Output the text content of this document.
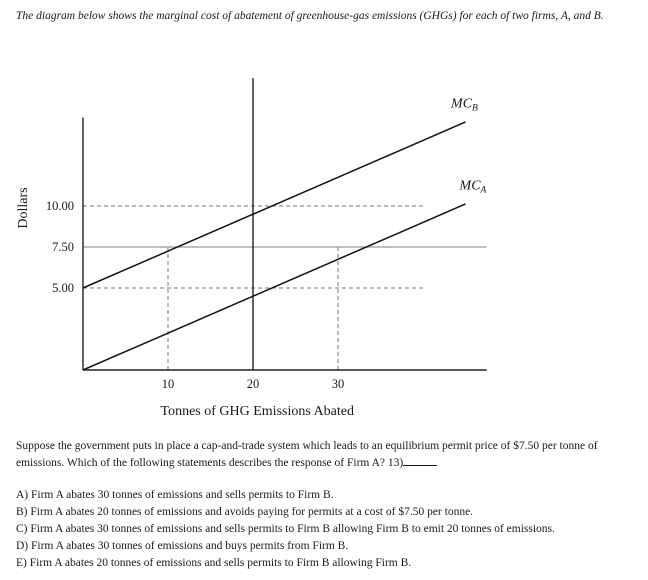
The diagram below shows the marginal cost of abatement of greenhouse-gas emissions (GHGs) for each of two firms, A, and B.
$MC_B$
$MC_A$
10.00
7.50
5.00
10	20	30
Tonnes of GHG Emissions Abated
Dollars
Suppose the government puts in place a cap-and-trade system which leads to an equilibrium permit price of $7.50 per tonne of emissions. Which of the following statements describes the response of Firm A? 13)
A) Firm A abates 30 tonnes of emissions and sells permits to Firm B.
B) Firm A abates 20 tonnes of emissions and avoids paying for permits at a cost of $7.50 per tonne.
C) Firm A abates 30 tonnes of emissions and sells permits to Firm B allowing Firm B to emit 20 tonnes of emissions.
D) Firm A abates 30 tonnes of emissions and buys permits from Firm B.
E) Firm A abates 20 tonnes of emissions and sells permits to Firm B allowing Firm B.
